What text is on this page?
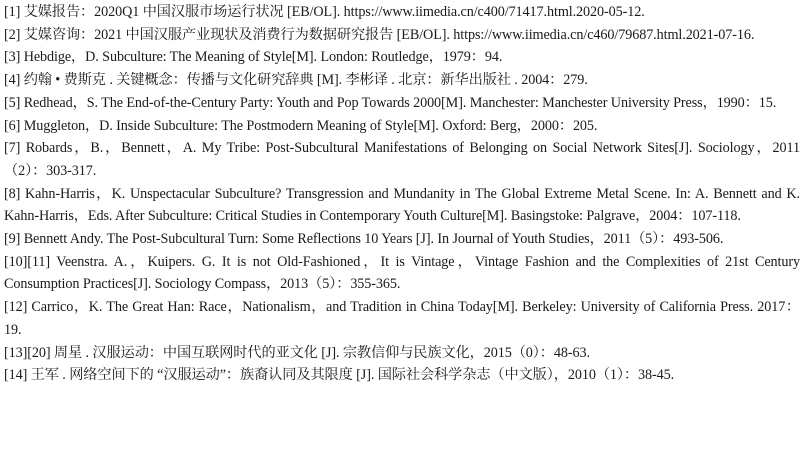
[1] 艾媒报告：2020Q1 中国汉服市场运行状况 [EB/OL]. https://www.iimedia.cn/c400/71417.html.2020-05-12.

[2] 艾媒咨询：2021 中国汉服产业现状及消费行为数据研究报告 [EB/OL]. https://www.iimedia.cn/c460/79687.html.2021-07-16.

[3] Hebdige，D. Subculture: The Meaning of Style[M]. London: Routledge，1979：94.

[4] 约翰 • 费斯克 . 关键概念：传播与文化研究辞典 [M]. 李彬译 . 北京：新华出版社 . 2004：279.

[5] Redhead，S. The End-of-the-Century Party: Youth and Pop Towards 2000[M]. Manchester: Manchester University Press，1990：15.

[6] Muggleton，D. Inside Subculture: The Postmodern Meaning of Style[M]. Oxford: Berg，2000：205.

[7] Robards，B.，Bennett，A. My Tribe: Post-Subcultural Manifestations of Belonging on Social Network Sites[J]. Sociology，2011（2）：303-317.

[8] Kahn-Harris，K. Unspectacular Subculture? Transgression and Mundanity in The Global Extreme Metal Scene. In: A. Bennett and K. Kahn-Harris，Eds. After Subculture: Critical Studies in Contemporary Youth Culture[M]. Basingstoke: Palgrave，2004：107-118.

[9] Bennett Andy. The Post-Subcultural Turn: Some Reflections 10 Years [J]. In Journal of Youth Studies，2011（5）：493-506.

[10][11] Veenstra. A.，Kuipers. G. It is not Old-Fashioned，It is Vintage，Vintage Fashion and the Complexities of 21st Century Consumption Practices[J]. Sociology Compass，2013（5）：355-365.

[12] Carrico，K. The Great Han: Race，Nationalism，and Tradition in China Today[M]. Berkeley: University of California Press. 2017：19.

[13][20] 周星 . 汉服运动：中国互联网时代的亚文化 [J]. 宗教信仰与民族文化，2015（0）：48-63.

[14] 王军 . 网络空间下的 “汉服运动”：族裔认同及其限度 [J]. 国际社会科学杂志（中文版），2010（1）：38-45.
